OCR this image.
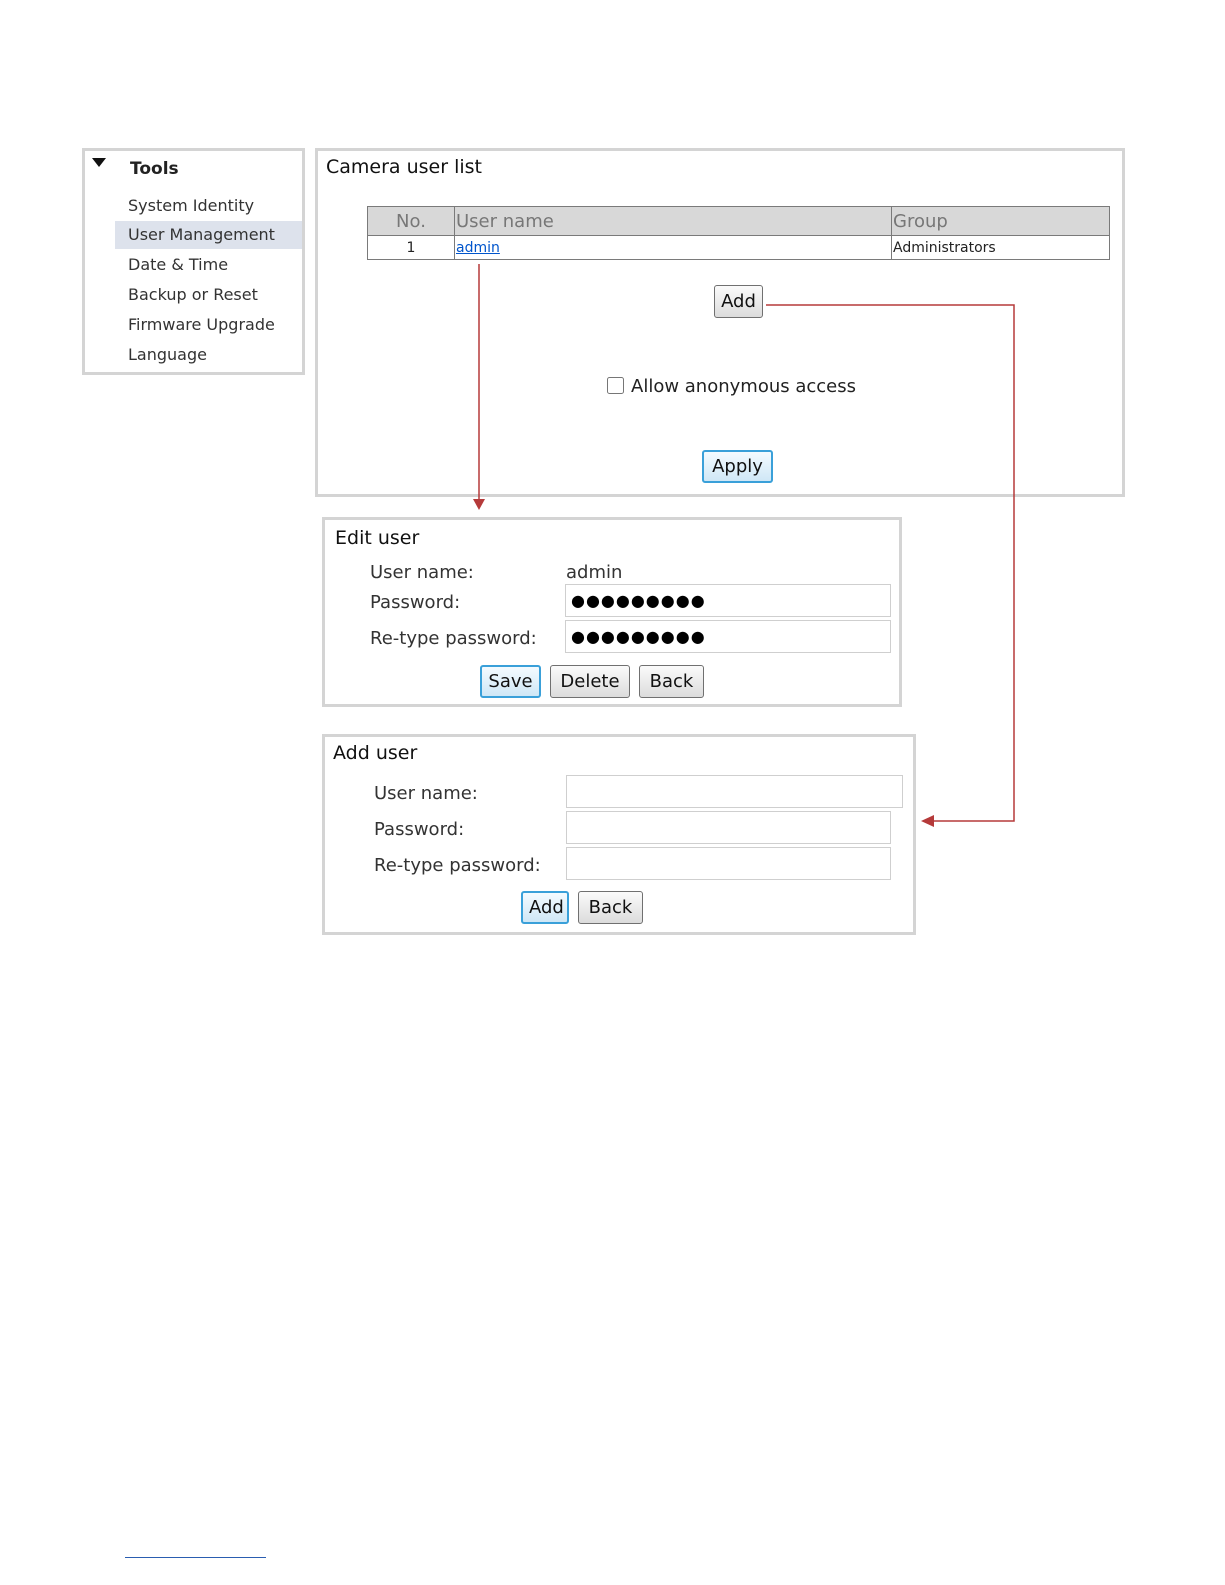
Tools
System Identity
User Management
Date & Time
Backup or Reset
Firmware Upgrade
Language
Camera user list
No.	User name	Group
1	admin	Administrators
Add
Allow anonymous access
Apply
Edit user
User name:	admin
Password:	●●●●●●●●●
Re-type password: ●●●●●●●●●
Save	Delete	Back
Add user
User name:
Password:
Re-type password:
Add	Back
